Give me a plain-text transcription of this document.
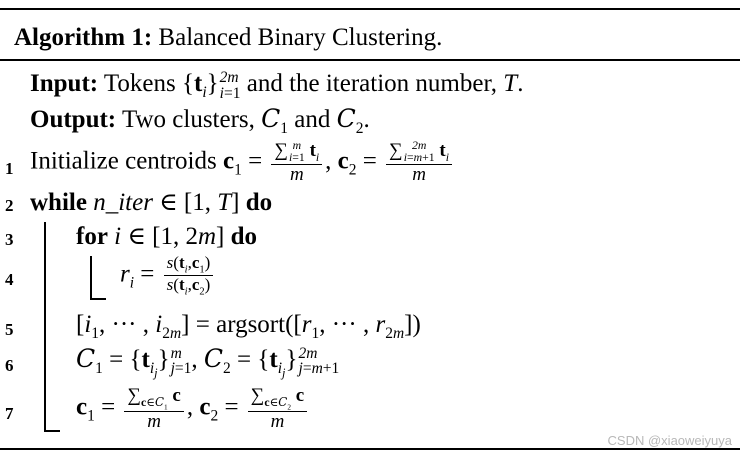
Algorithm 1: Balanced Binary Clustering.
Input: Tokens $\{t_i\}$ 2m
i=1 and the iteration number, T.
Output: Two clusters, $C_1$ and $C_2$.
1 Initialize centroids $c_1$ = ∑ m
i=1 $t_i$
m , $c_2$ = ∑ 2m
i=m+1 $t_i$
m
2 while n_iter ∈ [1, T] do
3	for i ∈ [1, 2m] do
4	$r_i = \frac{s(t_i,c_1)}{s(t_i,c_2)}$
5	[$i_1$, ··· , $i_{2m}$] = $argsort([r_1$, ··· , $r_{2m}$])
6	$C_1 = \{t_{i_j}\}$ m
j=1 , $C_2 = \{t_{i_j}\}$ 2m
j=m+1
7	$c_1 = \frac{\sum_{c\in C_1} c}{m}$ , $c_2 = \frac{\sum_{c\in C_2} c}{m}$
CSDN @xiaoweiyuya
